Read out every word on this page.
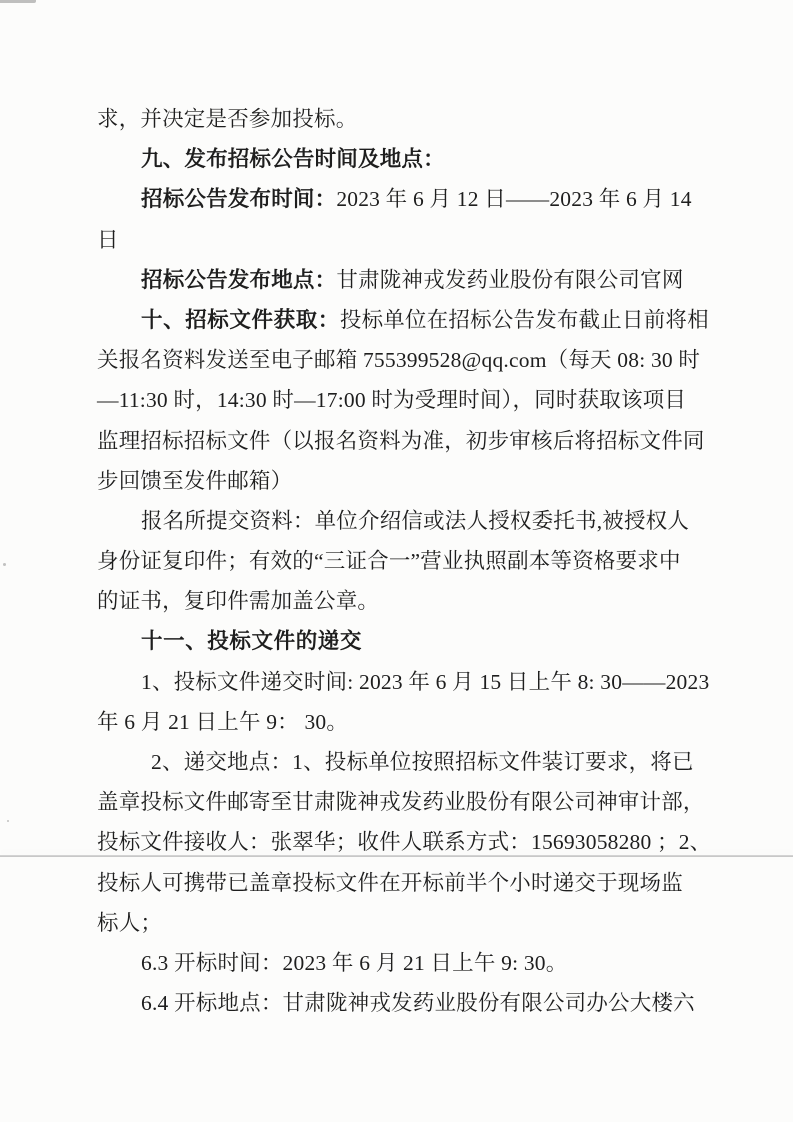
求，并决定是否参加投标。
九、发布招标公告时间及地点：
招标公告发布时间：2023 年 6 月 12 日——2023 年 6 月 14
日
招标公告发布地点：甘肃陇神戎发药业股份有限公司官网
十、招标文件获取：投标单位在招标公告发布截止日前将相
关报名资料发送至电子邮箱 755399528@qq.com（每天 08: 30 时
—11:30 时，14:30 时—17:00 时为受理时间），同时获取该项目
监理招标招标文件（以报名资料为准，初步审核后将招标文件同
步回馈至发件邮箱）
报名所提交资料：单位介绍信或法人授权委托书,被授权人
身份证复印件；有效的“三证合一”营业执照副本等资格要求中
的证书，复印件需加盖公章。
十一、投标文件的递交
1、投标文件递交时间: 2023 年 6 月 15 日上午 8: 30——2023
年 6 月 21 日上午 9： 30。
2、递交地点：1、投标单位按照招标文件装订要求，将已
盖章投标文件邮寄至甘肃陇神戎发药业股份有限公司神审计部，
投标文件接收人：张翠华；收件人联系方式：15693058280 ；2、
投标人可携带已盖章投标文件在开标前半个小时递交于现场监
标人；
6.3 开标时间：2023 年 6 月 21 日上午 9: 30。
6.4 开标地点：甘肃陇神戎发药业股份有限公司办公大楼六
